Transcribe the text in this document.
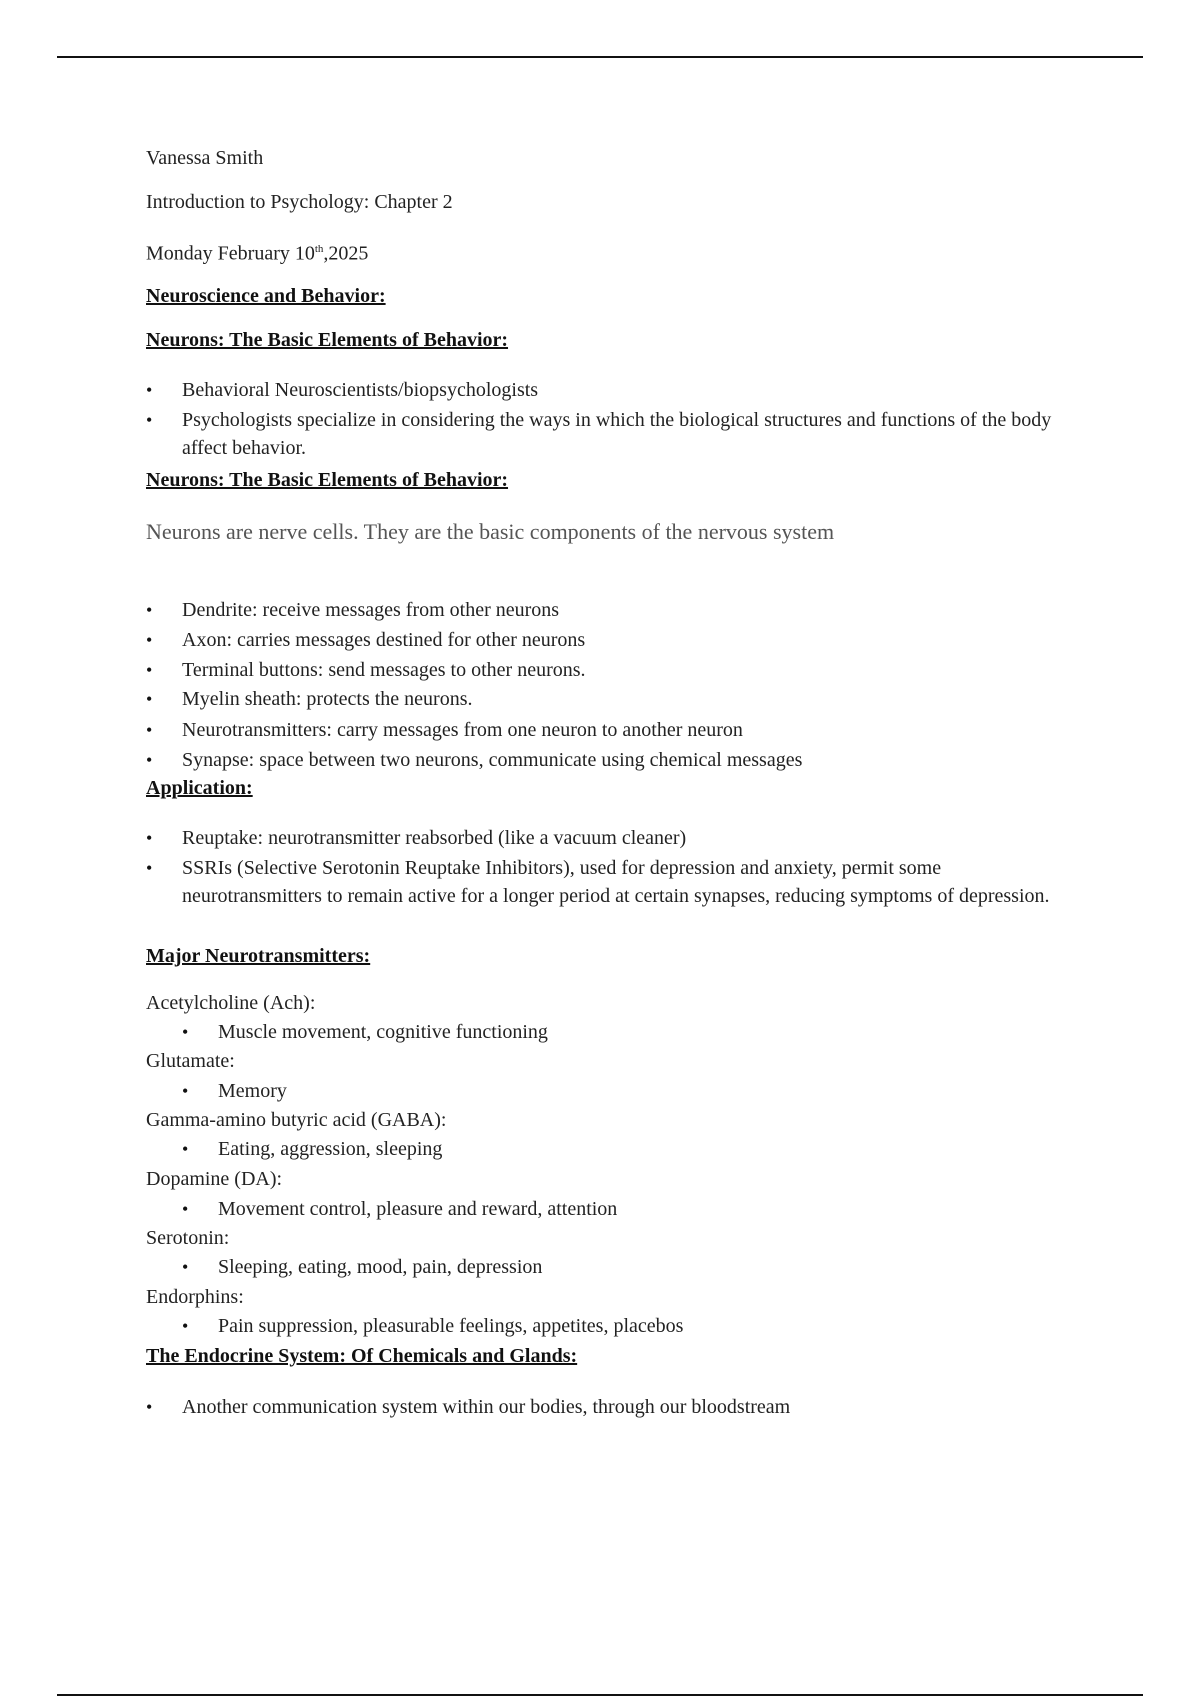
Vanessa Smith
Introduction to Psychology: Chapter 2
Monday February 10th,2025
Neuroscience and Behavior:
Neurons: The Basic Elements of Behavior:
• Behavioral Neuroscientists/biopsychologists
• Psychologists specialize in considering the ways in which the biological structures and functions of the body affect behavior.
Neurons: The Basic Elements of Behavior:
Neurons are nerve cells. They are the basic components of the nervous system
• Dendrite: receive messages from other neurons
• Axon: carries messages destined for other neurons
• Terminal buttons: send messages to other neurons.
• Myelin sheath: protects the neurons.
• Neurotransmitters: carry messages from one neuron to another neuron
• Synapse: space between two neurons, communicate using chemical messages
Application:
• Reuptake: neurotransmitter reabsorbed (like a vacuum cleaner)
• SSRIs (Selective Serotonin Reuptake Inhibitors), used for depression and anxiety, permit some neurotransmitters to remain active for a longer period at certain synapses, reducing symptoms of depression.
Major Neurotransmitters:
Acetylcholine (Ach):
• Muscle movement, cognitive functioning
Glutamate:
• Memory
Gamma-amino butyric acid (GABA):
• Eating, aggression, sleeping
Dopamine (DA):
• Movement control, pleasure and reward, attention
Serotonin:
• Sleeping, eating, mood, pain, depression
Endorphins:
• Pain suppression, pleasurable feelings, appetites, placebos
The Endocrine System: Of Chemicals and Glands:
• Another communication system within our bodies, through our bloodstream
